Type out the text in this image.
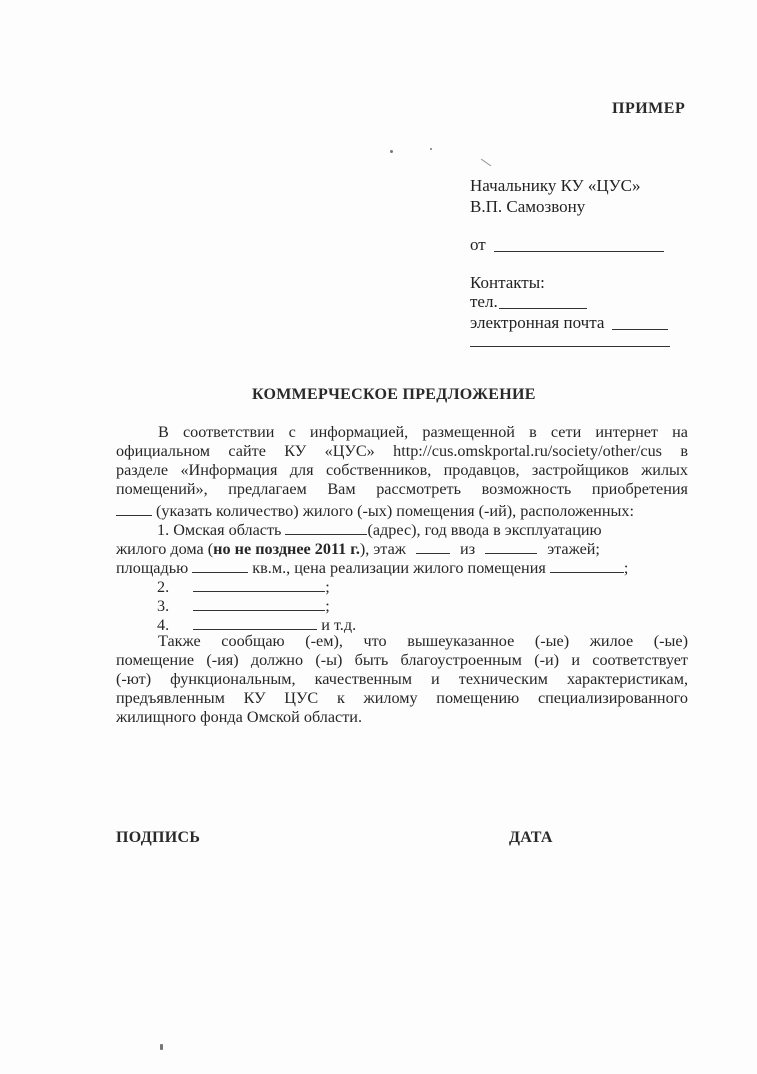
ПРИМЕР
Начальнику КУ «ЦУС»
В.П. Самозвону
от
Контакты:
тел.
электронная почта
КОММЕРЧЕСКОЕ ПРЕДЛОЖЕНИЕ
В соответствии с информацией, размещенной в сети интернет на
официальном сайте КУ «ЦУС» http://cus.omskportal.ru/society/other/cus в
разделе «Информация для собственников, продавцов, застройщиков жилых
помещений», предлагаем Вам рассмотреть возможность приобретения
(указать количество) жилого (-ых) помещения (-ий), расположенных:
1. Омская область	(адрес), год ввода в эксплуатацию
жилого дома (но не позднее 2011 г.), этаж	из	этажей;
площадью	кв.м., цена реализации жилого помещения	;
2.	;
3.	;
4.	и т.д.
Также сообщаю (-ем), что вышеуказанное (-ые) жилое (-ые)
помещение (-ия) должно (-ы) быть благоустроенным (-и) и соответствует
(-ют) функциональным, качественным и техническим характеристикам,
предъявленным КУ ЦУС к жилому помещению специализированного
жилищного фонда Омской области.
ПОДПИСЬ	ДАТА
